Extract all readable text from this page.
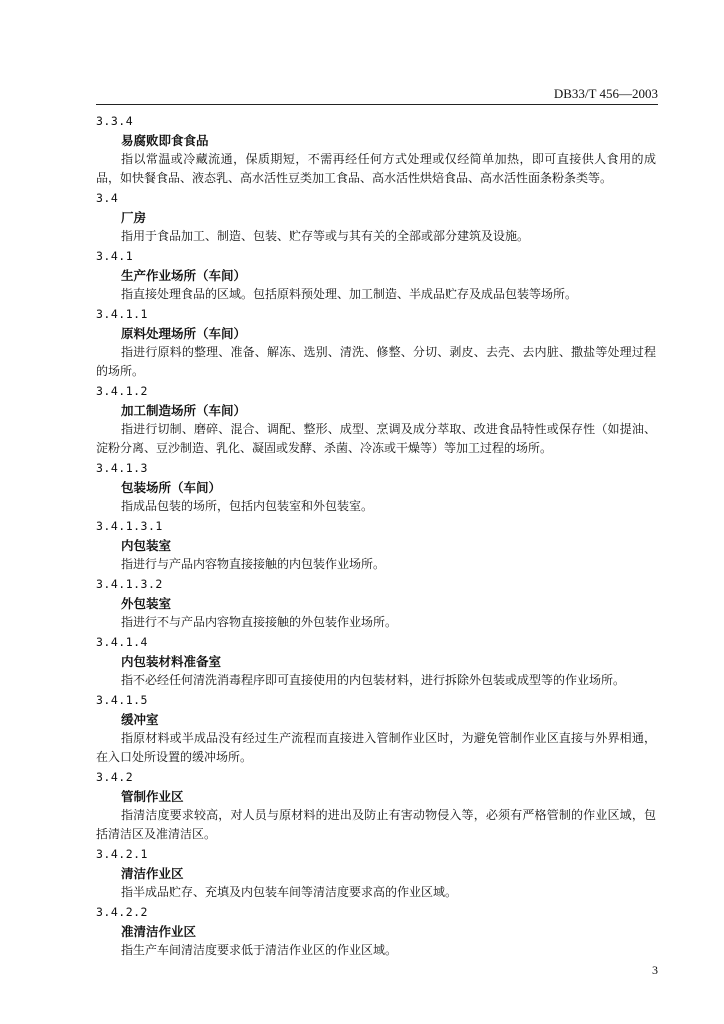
DB33/T 456—2003
3.3.4
易腐败即食食品

指以常温或冷藏流通，保质期短，不需再经任何方式处理或仅经简单加热，即可直接供人食用的成品，如快餐食品、液态乳、高水活性豆类加工食品、高水活性烘焙食品、高水活性面条粉条类等。

3.4
厂房

指用于食品加工、制造、包装、贮存等或与其有关的全部或部分建筑及设施。

3.4.1
生产作业场所（车间）

指直接处理食品的区域。包括原料预处理、加工制造、半成品贮存及成品包装等场所。

3.4.1.1
原料处理场所（车间）

指进行原料的整理、准备、解冻、选别、清洗、修整、分切、剥皮、去壳、去内脏、撒盐等处理过程的场所。

3.4.1.2
加工制造场所（车间）

指进行切制、磨碎、混合、调配、整形、成型、烹调及成分萃取、改进食品特性或保存性（如提油、淀粉分离、豆沙制造、乳化、凝固或发酵、杀菌、冷冻或干燥等）等加工过程的场所。

3.4.1.3
包装场所（车间）

指成品包装的场所，包括内包装室和外包装室。

3.4.1.3.1
内包装室

指进行与产品内容物直接接触的内包装作业场所。

3.4.1.3.2
外包装室

指进行不与产品内容物直接接触的外包装作业场所。

3.4.1.4
内包装材料准备室

指不必经任何清洗消毒程序即可直接使用的内包装材料，进行拆除外包装或成型等的作业场所。

3.4.1.5
缓冲室

指原材料或半成品没有经过生产流程而直接进入管制作业区时，为避免管制作业区直接与外界相通，在入口处所设置的缓冲场所。

3.4.2
管制作业区

指清洁度要求较高，对人员与原材料的进出及防止有害动物侵入等，必须有严格管制的作业区域，包括清洁区及准清洁区。

3.4.2.1
清洁作业区

指半成品贮存、充填及内包装车间等清洁度要求高的作业区域。

3.4.2.2
准清洁作业区

指生产车间清洁度要求低于清洁作业区的作业区域。

3
